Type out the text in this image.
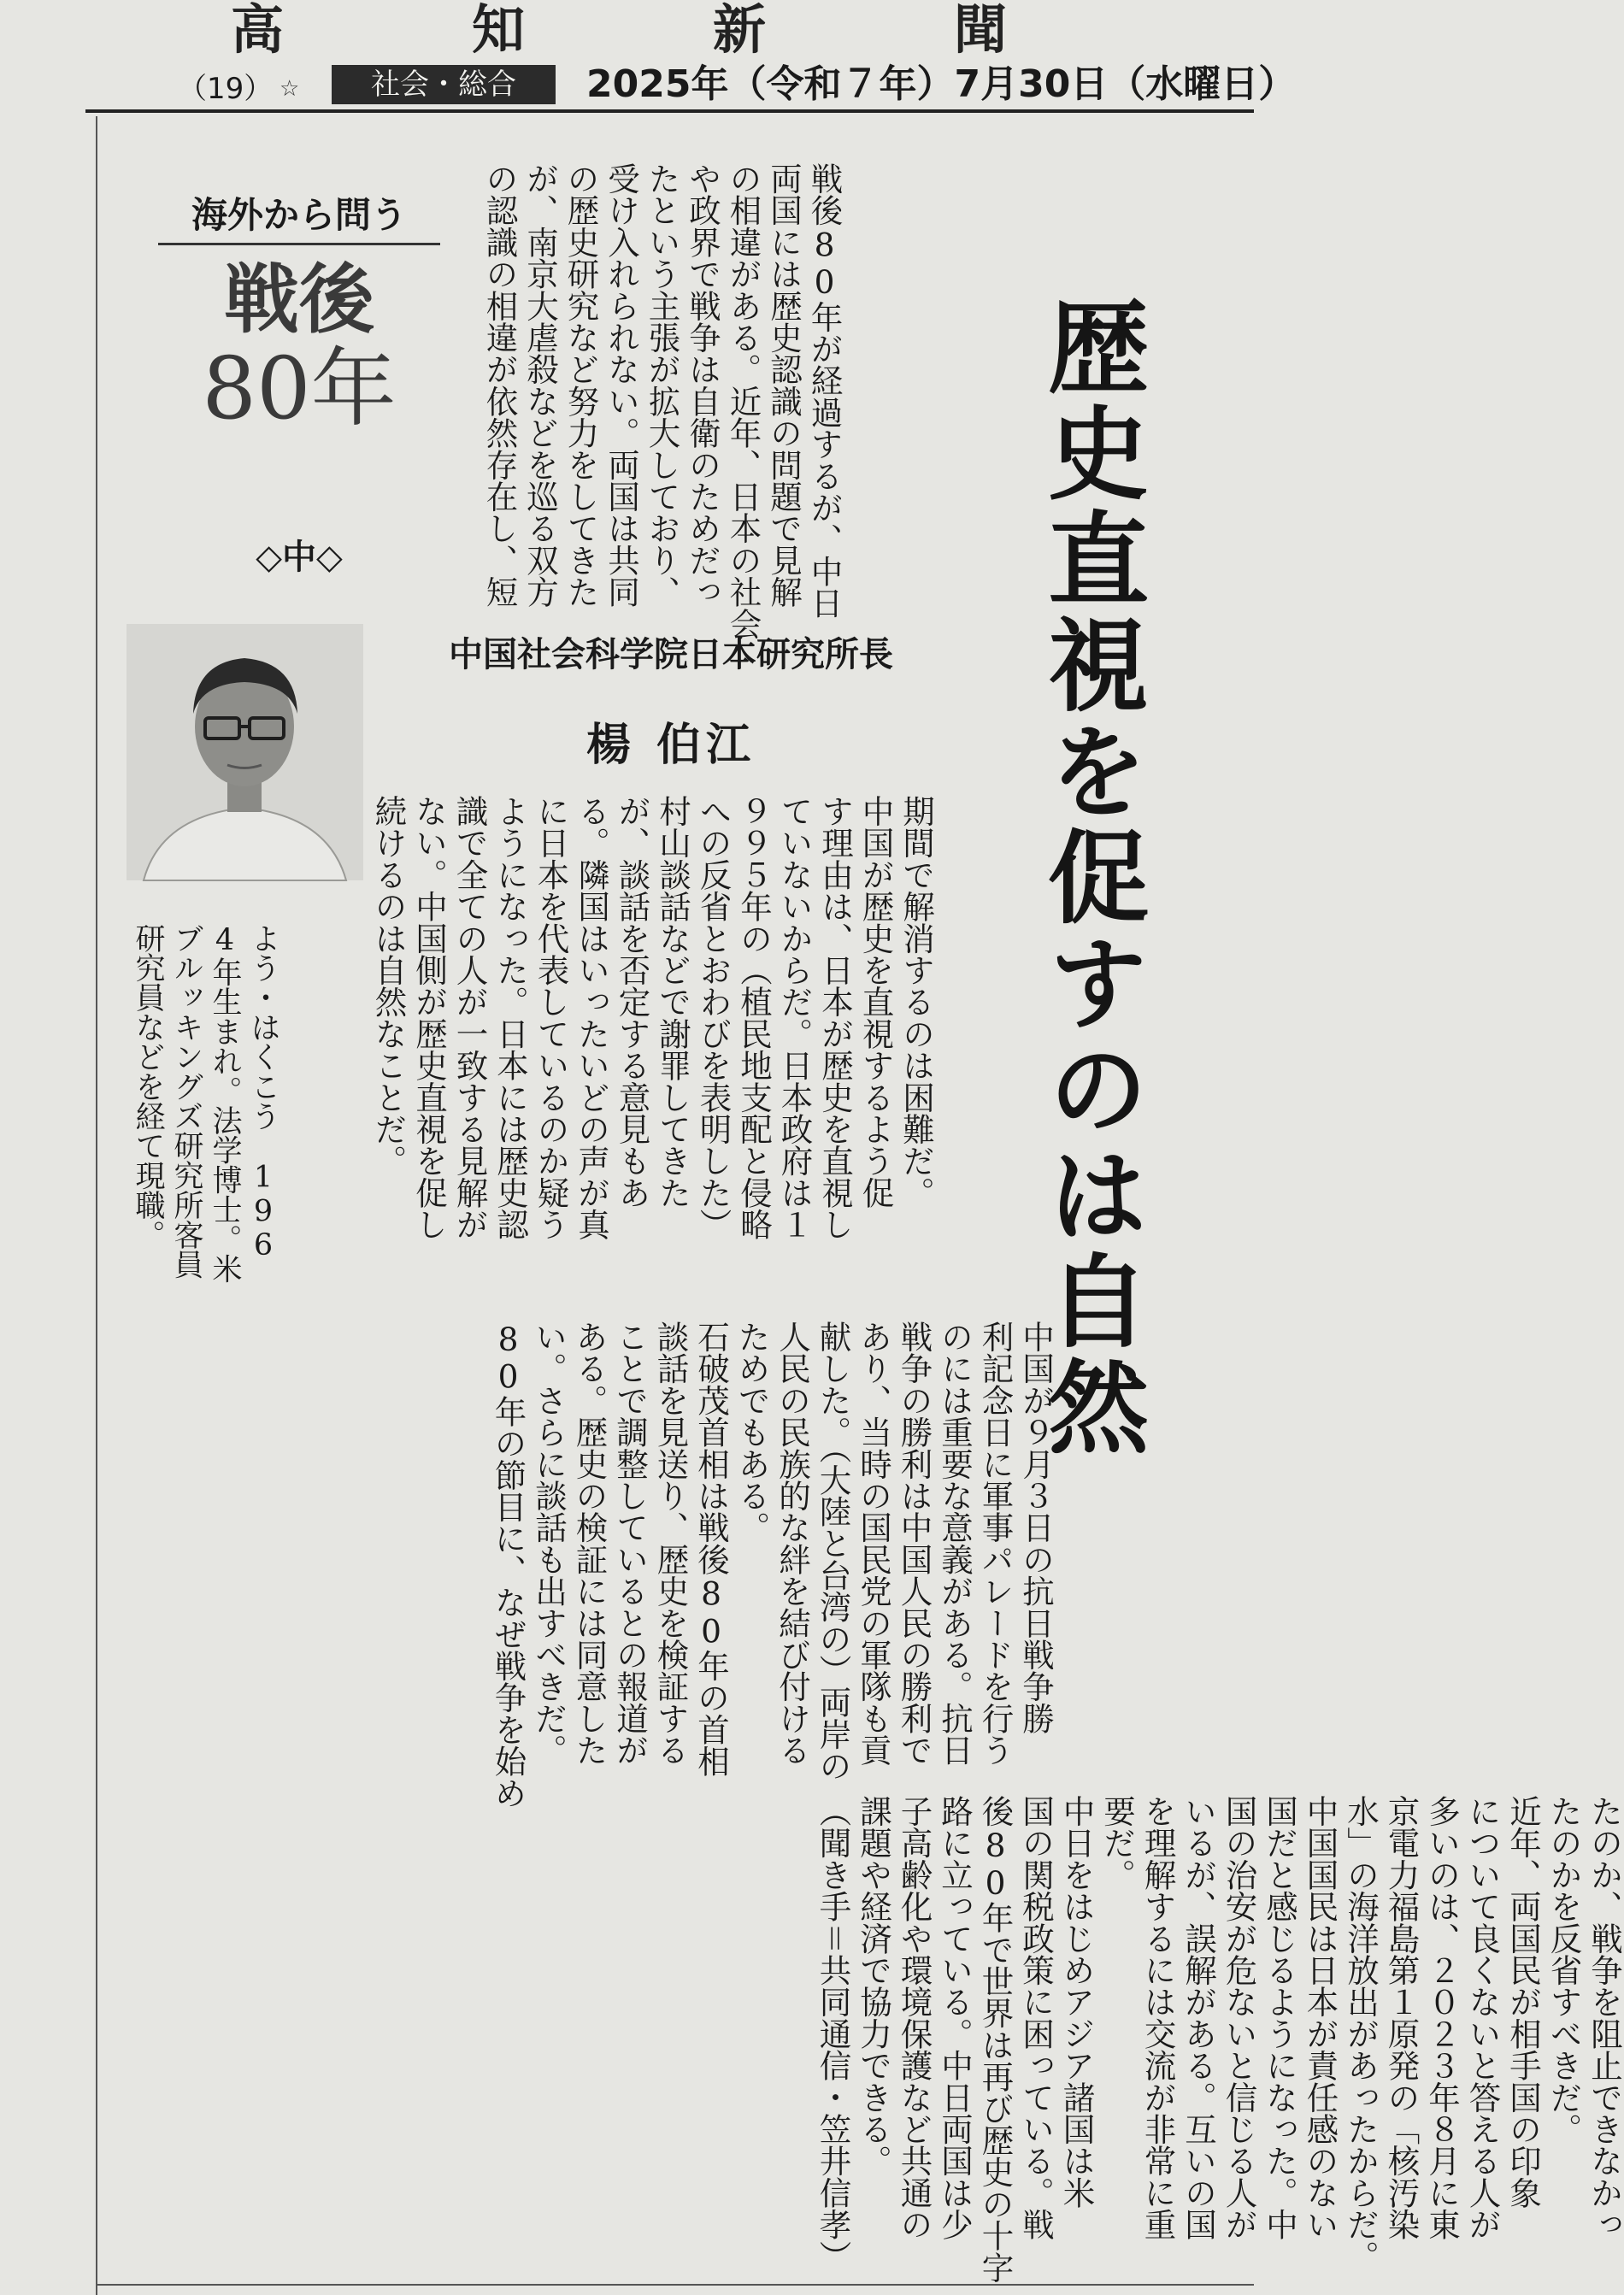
高知新聞
（19） ☆	社会・総合	2025年（令和７年）7月30日（水曜日）
海外から問う
戦後
80年
◇中◇
中国社会科学院日本研究所長
楊 伯江	歴史直視を促すのは自然
戦後80年が経過するが、中日
両国には歴史認識の問題で見解
の相違がある。近年、日本の社会
や政界で戦争は自衛のためだっ
たという主張が拡大しており、
受け入れられない。両国は共同
の歴史研究など努力をしてきた
が、南京大虐殺などを巡る双方
の認識の相違が依然存在し、短
期間で解消するのは困難だ。
中国が歴史を直視するよう促
す理由は、日本が歴史を直視し
ていないからだ。日本政府は１
９９５年の（植民地支配と侵略
への反省とおわびを表明した）
村山談話などで謝罪してきた
が、談話を否定する意見もあ
る。隣国はいったいどの声が真
に日本を代表しているのか疑う
ようになった。日本には歴史認
識で全ての人が一致する見解が
ない。中国側が歴史直視を促し
続けるのは自然なことだ。
中国が９月３日の抗日戦争勝
利記念日に軍事パレードを行う
のには重要な意義がある。抗日
戦争の勝利は中国人民の勝利で
あり、当時の国民党の軍隊も貢
献した。（大陸と台湾の）両岸の
人民の民族的な絆を結び付ける
ためでもある。
石破茂首相は戦後80年の首相
談話を見送り、歴史を検証する
ことで調整しているとの報道が
ある。歴史の検証には同意した
い。さらに談話も出すべきだ。
80年の節目に、なぜ戦争を始め
たのか、戦争を阻止できなかっ
たのかを反省すべきだ。
近年、両国民が相手国の印象
について良くないと答える人が
多いのは、２０２３年８月に東
京電力福島第１原発の「核汚染
水」の海洋放出があったからだ。
中国国民は日本が責任感のない
国だと感じるようになった。中
国の治安が危ないと信じる人が
いるが、誤解がある。互いの国
を理解するには交流が非常に重
要だ。
中日をはじめアジア諸国は米
国の関税政策に困っている。戦
後80年で世界は再び歴史の十字
路に立っている。中日両国は少
子高齢化や環境保護など共通の
課題や経済で協力できる。
（聞き手＝共同通信・笠井信孝）
よう・はくこう　196
4年生まれ。法学博士。米
ブルッキングズ研究所客員
研究員などを経て現職。
